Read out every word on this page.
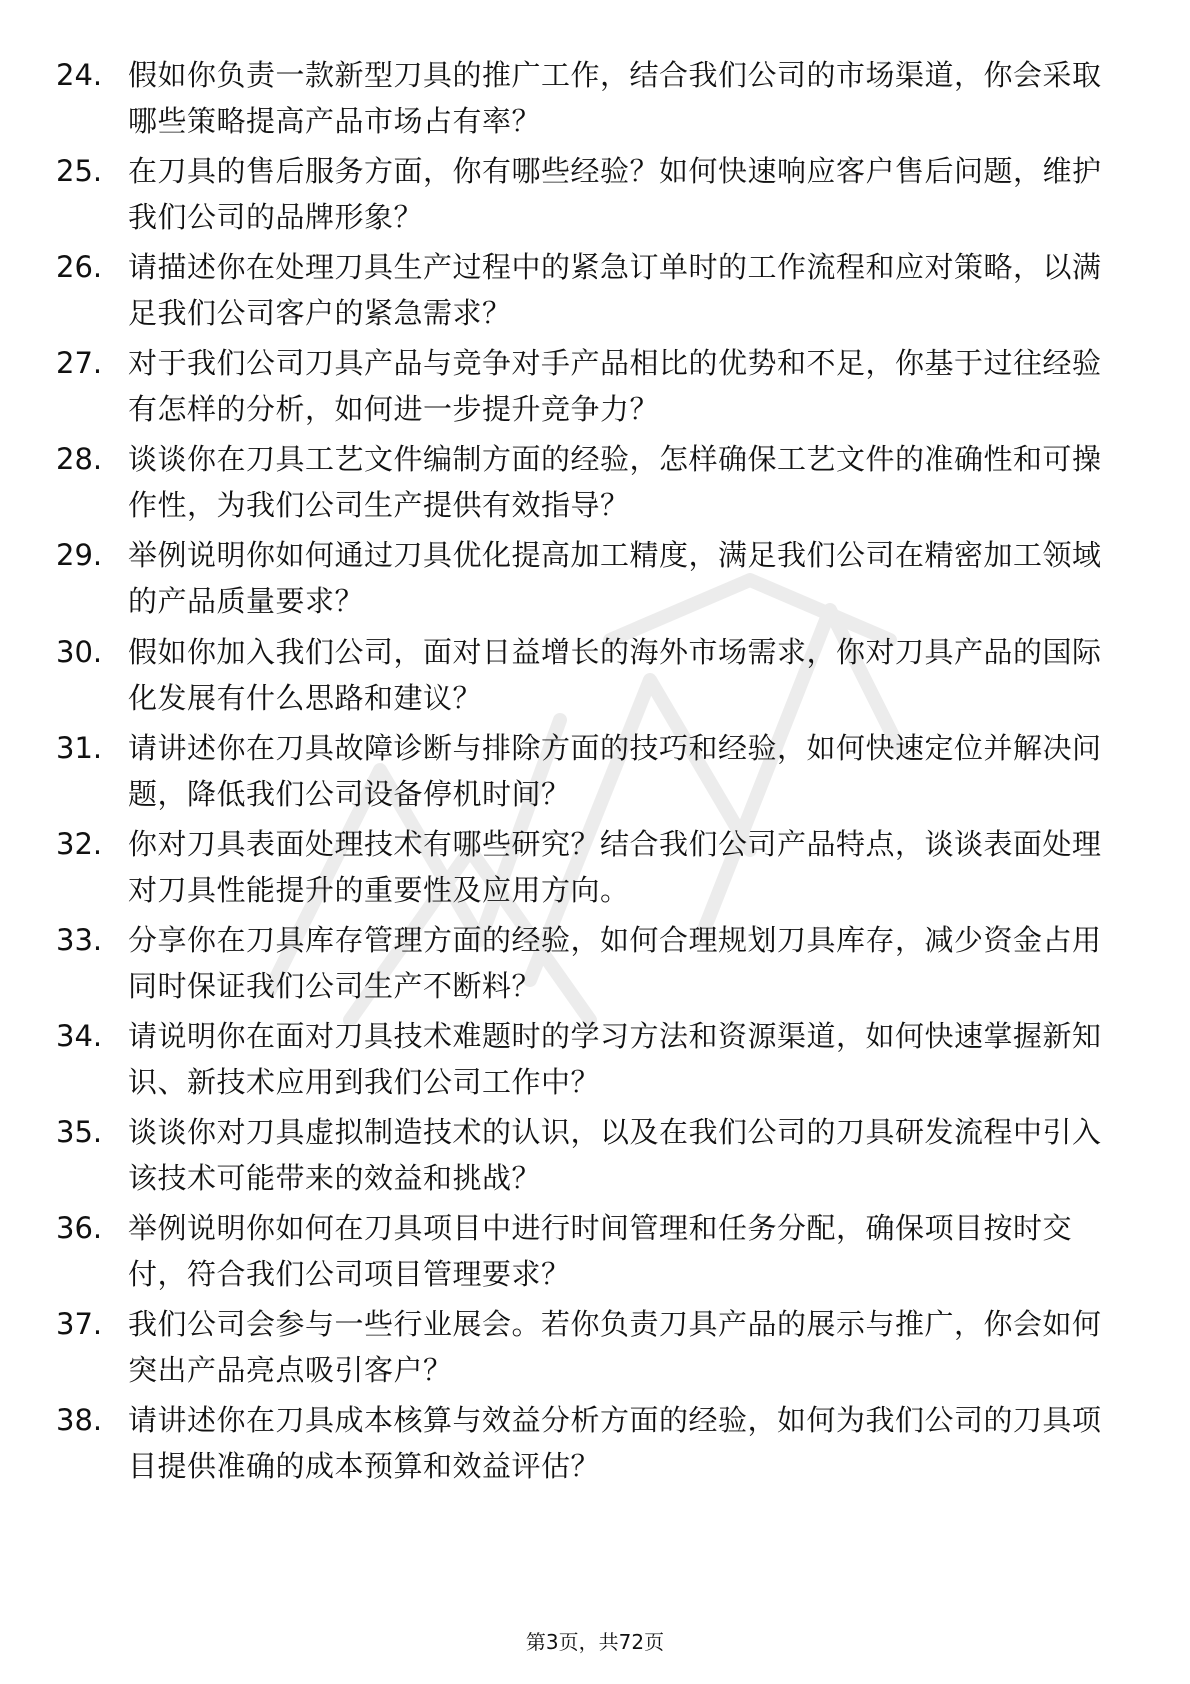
24. 假如你负责一款新型刀具的推广工作，结合我们公司的市场渠道，你会采取哪些策略提高产品市场占有率？
25. 在刀具的售后服务方面，你有哪些经验？如何快速响应客户售后问题，维护我们公司的品牌形象？
26. 请描述你在处理刀具生产过程中的紧急订单时的工作流程和应对策略，以满足我们公司客户的紧急需求？
27. 对于我们公司刀具产品与竞争对手产品相比的优势和不足，你基于过往经验有怎样的分析，如何进一步提升竞争力？
28. 谈谈你在刀具工艺文件编制方面的经验，怎样确保工艺文件的准确性和可操作性，为我们公司生产提供有效指导？
29. 举例说明你如何通过刀具优化提高加工精度，满足我们公司在精密加工领域的产品质量要求？
30. 假如你加入我们公司，面对日益增长的海外市场需求，你对刀具产品的国际化发展有什么思路和建议？
31. 请讲述你在刀具故障诊断与排除方面的技巧和经验，如何快速定位并解决问题，降低我们公司设备停机时间？
32. 你对刀具表面处理技术有哪些研究？结合我们公司产品特点，谈谈表面处理对刀具性能提升的重要性及应用方向。
33. 分享你在刀具库存管理方面的经验，如何合理规划刀具库存，减少资金占用同时保证我们公司生产不断料？
34. 请说明你在面对刀具技术难题时的学习方法和资源渠道，如何快速掌握新知识、新技术应用到我们公司工作中？
35. 谈谈你对刀具虚拟制造技术的认识，以及在我们公司的刀具研发流程中引入该技术可能带来的效益和挑战？
36. 举例说明你如何在刀具项目中进行时间管理和任务分配，确保项目按时交付，符合我们公司项目管理要求？
37. 我们公司会参与一些行业展会。若你负责刀具产品的展示与推广，你会如何突出产品亮点吸引客户？
38. 请讲述你在刀具成本核算与效益分析方面的经验，如何为我们公司的刀具项目提供准确的成本预算和效益评估？
第3页，共72页
